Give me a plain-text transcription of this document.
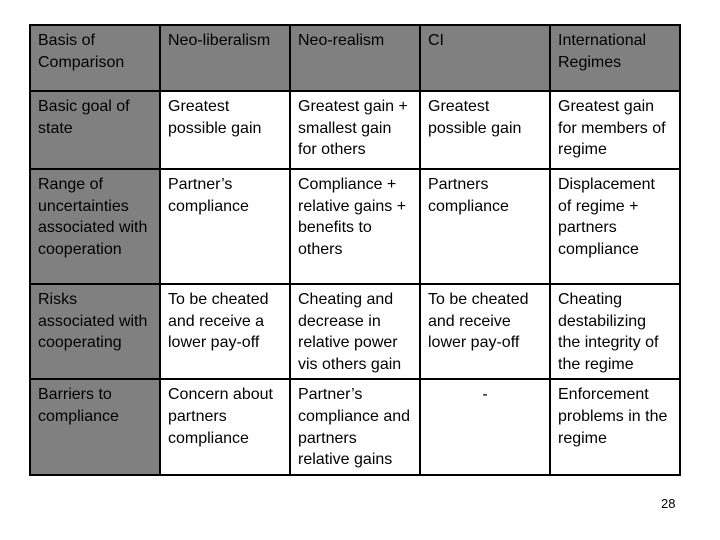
Basis of Comparison	Neo-liberalism	Neo-realism	CI	International Regimes
Basic goal of state	Greatest possible gain	Greatest gain + smallest gain for others	Greatest possible gain	Greatest gain for members of regime
Range of uncertainties associated with cooperation	Partner’s compliance	Compliance + relative gains + benefits to others	Partners compliance	Displacement of regime + partners compliance
Risks associated with cooperating	To be cheated and receive a lower pay-off	Cheating and decrease in relative power vis others gain	To be cheated and receive lower pay-off	Cheating destabilizing the integrity of the regime
Barriers to compliance	Concern about partners compliance	Partner’s compliance and partners relative gains	-	Enforcement problems in the regime
28
